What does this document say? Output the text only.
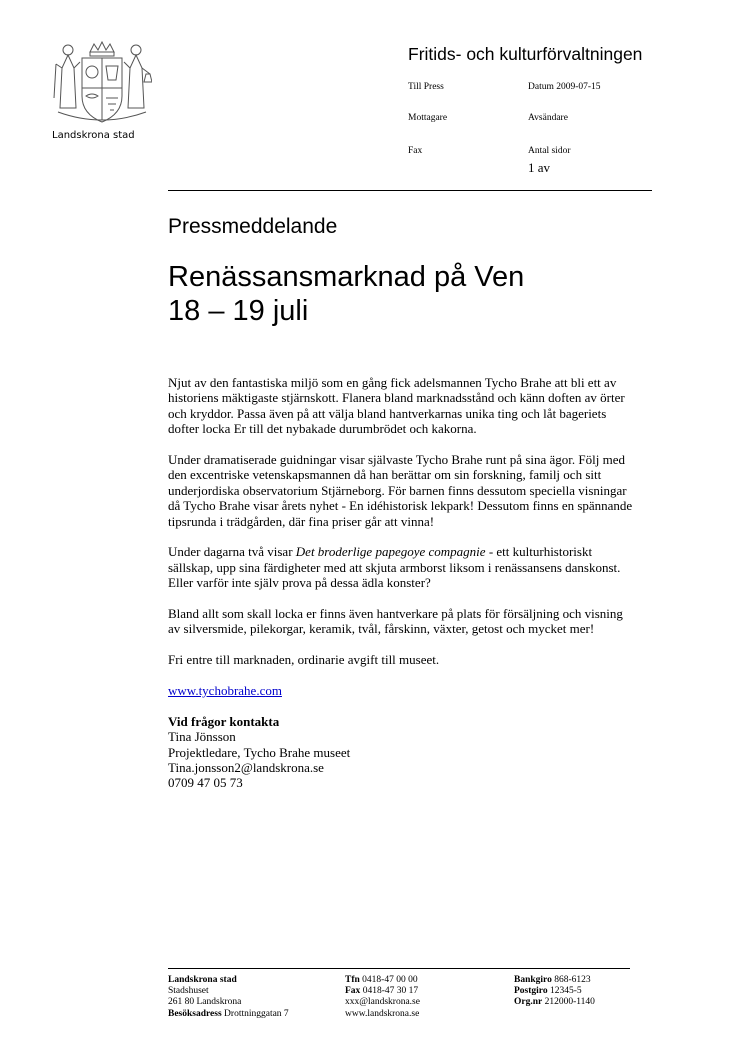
Landskrona stad
Fritids- och kulturförvaltningen
Till Press	Datum 2009-07-15
Mottagare	Avsändare
Fax	Antal sidor
1 av
Pressmeddelande
Renässansmarknad på Ven
18 – 19 juli

Njut av den fantastiska miljö som en gång fick adelsmannen Tycho Brahe att bli ett av historiens mäktigaste stjärnskott. Flanera bland marknadsstånd och känn doften av örter och kryddor. Passa även på att välja bland hantverkarnas unika ting och låt bageriets dofter locka Er till det nybakade durumbrödet och kakorna.

Under dramatiserade guidningar visar självaste Tycho Brahe runt på sina ägor. Följ med den excentriske vetenskapsmannen då han berättar om sin forskning, familj och sitt underjordiska observatorium Stjärneborg. För barnen finns dessutom speciella visningar då Tycho Brahe visar årets nyhet - En idéhistorisk lekpark! Dessutom finns en spännande tipsrunda i trädgården, där fina priser går att vinna!

Under dagarna två visar Det broderlige papegoye compagnie - ett kulturhistoriskt sällskap, upp sina färdigheter med att skjuta armborst liksom i renässansens danskonst. Eller varför inte själv prova på dessa ädla konster?

Bland allt som skall locka er finns även hantverkare på plats för försäljning och visning av silversmide, pilekorgar, keramik, tvål, fårskinn, växter, getost och mycket mer!

Fri entre till marknaden, ordinarie avgift till museet.

www.tychobrahe.com

Vid frågor kontakta
Tina Jönsson
Projektledare, Tycho Brahe museet
Tina.jonsson2@landskrona.se
0709 47 05 73
Landskrona stad
Stadshuset
261 80 Landskrona
Besöksadress Drottninggatan 7
Tfn 0418-47 00 00
Fax 0418-47 30 17
xxx@landskrona.se
www.landskrona.se
Bankgiro 868-6123
Postgiro 12345-5
Org.nr 212000-1140
